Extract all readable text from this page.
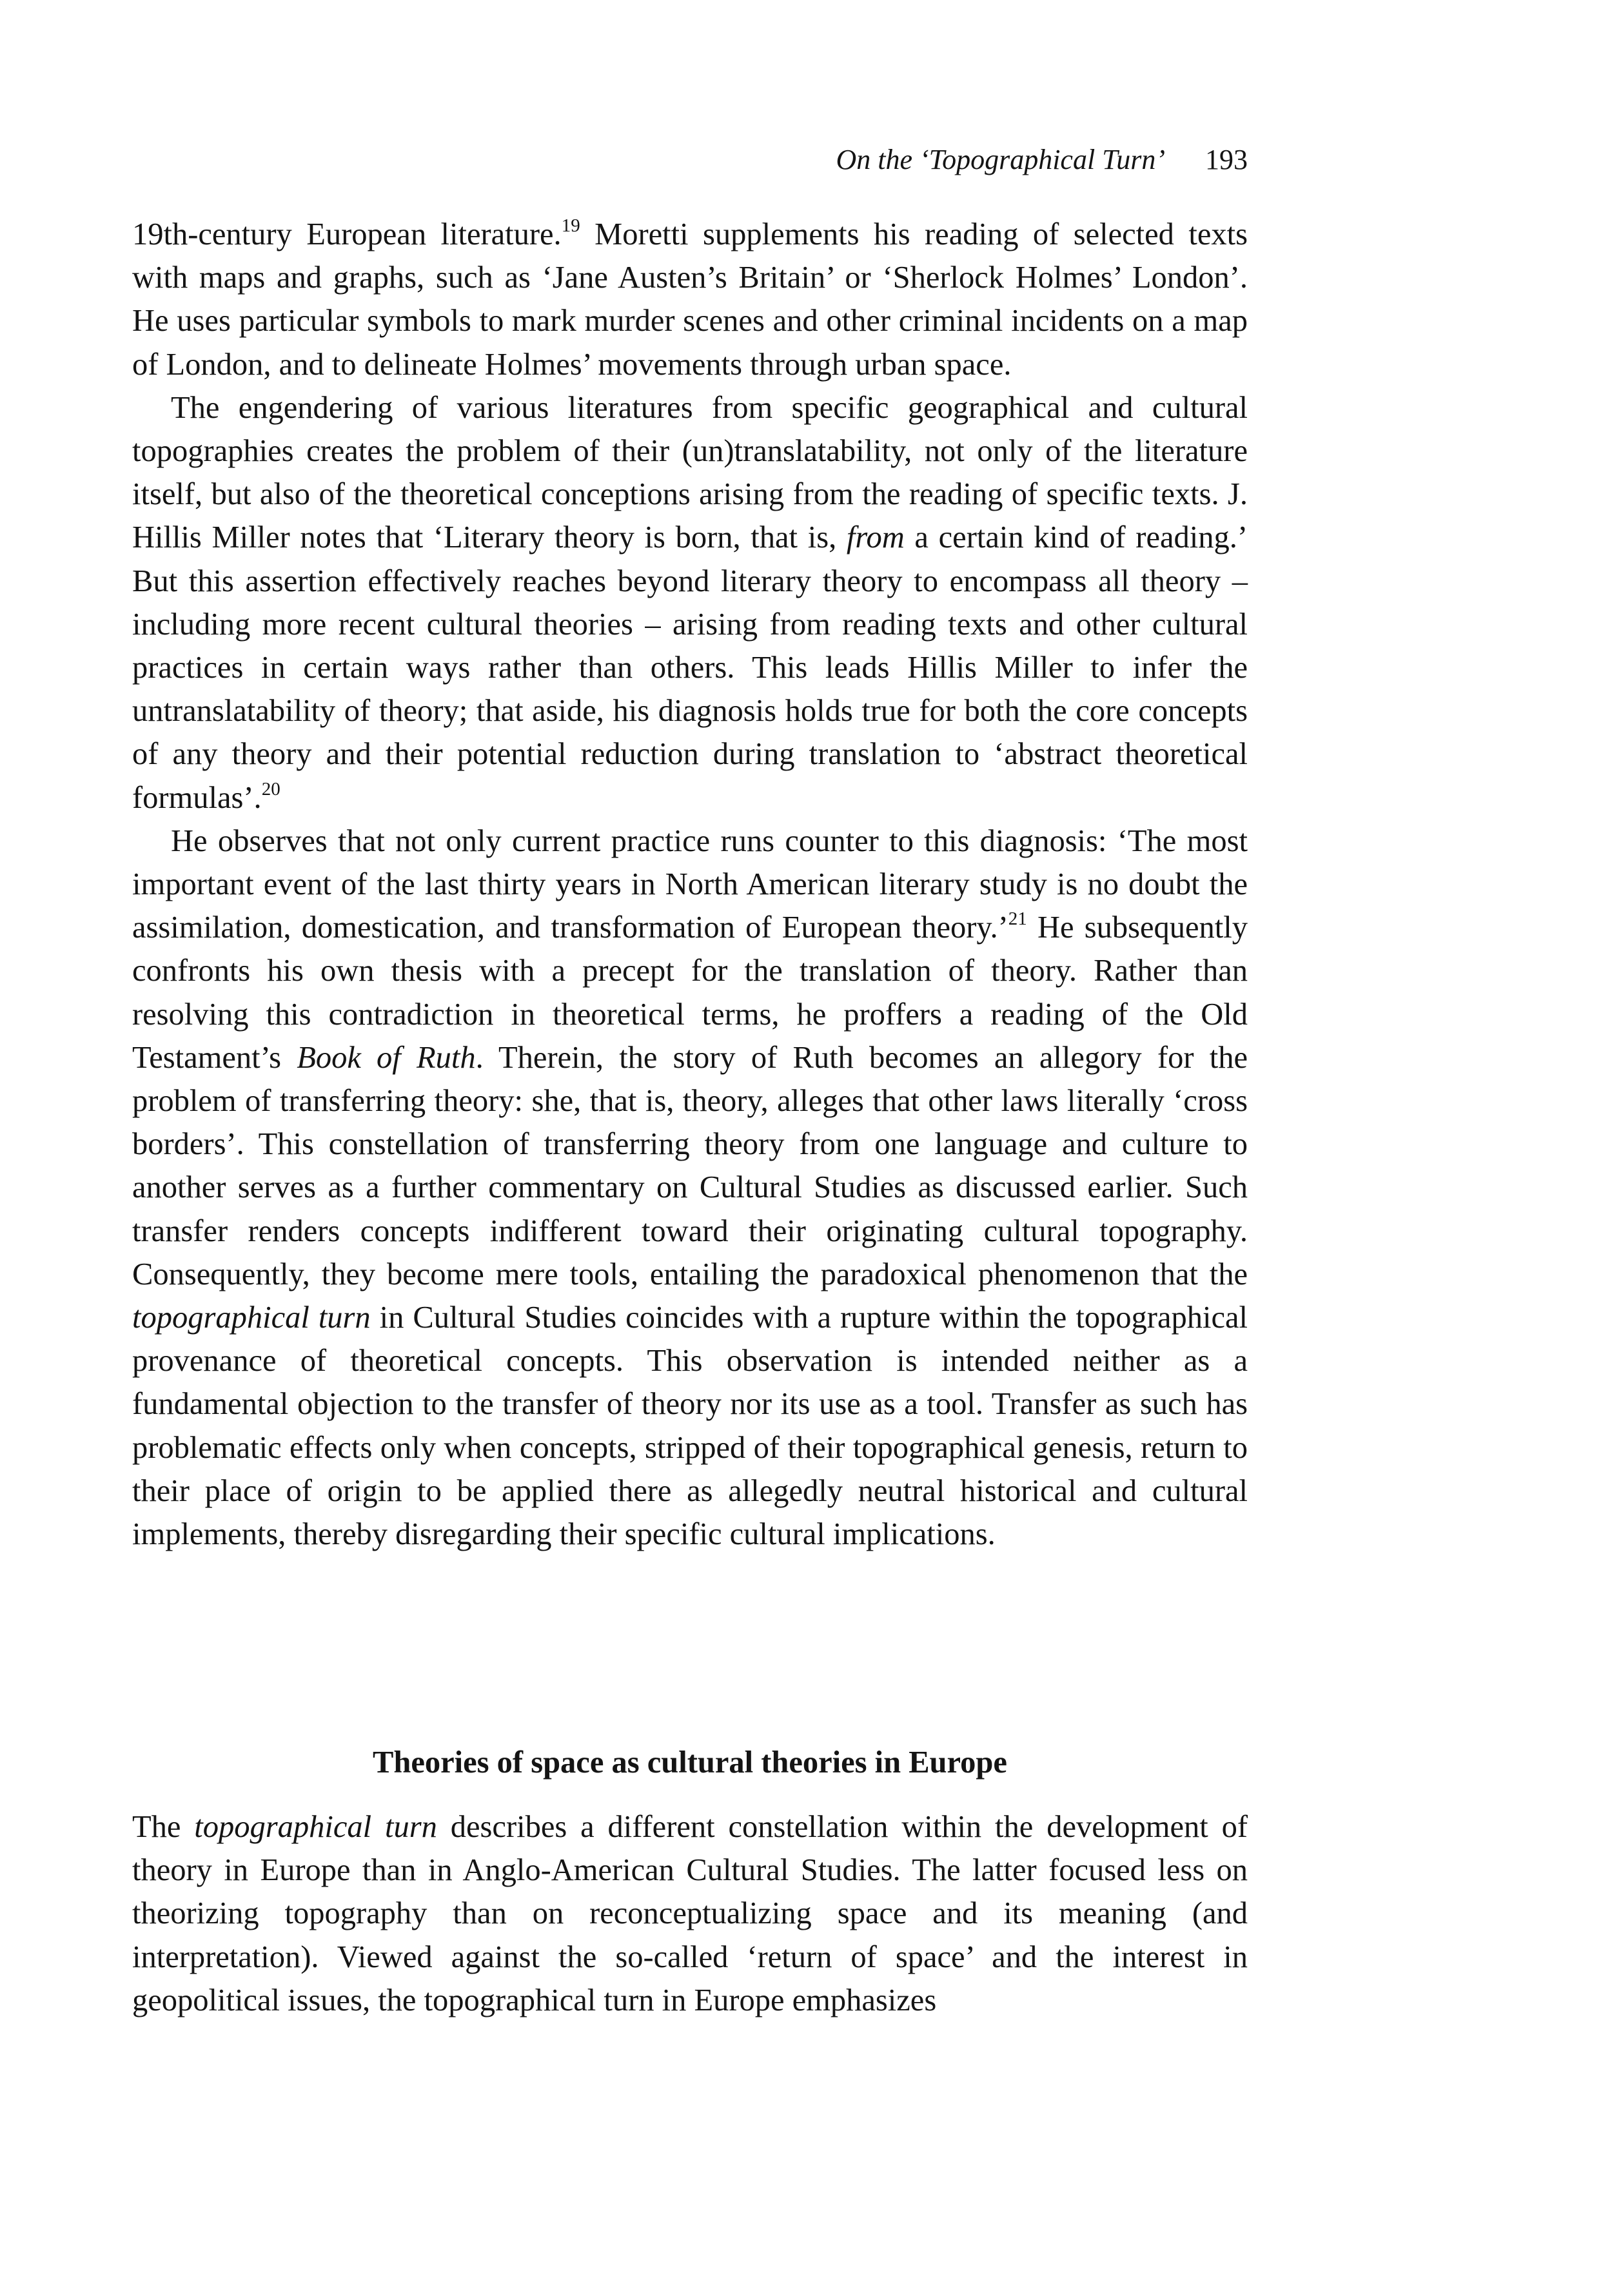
On the ‘Topographical Turn’ 193

19th-century European literature.$^{19}$ Moretti supplements his reading of selected texts with maps and graphs, such as ‘Jane Austen’s Britain’ or ‘Sherlock Holmes’ London’. He uses particular symbols to mark murder scenes and other criminal incidents on a map of London, and to delineate Holmes’ movements through urban space.

The engendering of various literatures from specific geographical and cultural topographies creates the problem of their (un)translatability, not only of the literature itself, but also of the theoretical conceptions arising from the reading of specific texts. J. Hillis Miller notes that ‘Literary theory is born, that is, from a certain kind of reading.’ But this assertion effectively reaches beyond literary theory to encompass all theory – including more recent cultural theories – arising from reading texts and other cultural practices in certain ways rather than others. This leads Hillis Miller to infer the untranslatability of theory; that aside, his diagnosis holds true for both the core concepts of any theory and their potential reduction during translation to ‘abstract theoretical formulas’.$^{20}$

He observes that not only current practice runs counter to this diagnosis: ‘The most important event of the last thirty years in North American literary study is no doubt the assimilation, domestication, and transformation of European theory.’$^{21}$ He subsequently confronts his own thesis with a precept for the translation of theory. Rather than resolving this contradiction in theoretical terms, he proffers a reading of the Old Testament’s Book of Ruth. Therein, the story of Ruth becomes an allegory for the problem of transferring theory: she, that is, theory, alleges that other laws literally ‘cross borders’. This constellation of transferring theory from one language and culture to another serves as a further commentary on Cultural Studies as discussed earlier. Such transfer renders concepts indifferent toward their originating cultural topography. Consequently, they become mere tools, entailing the paradoxical phenomenon that the topographical turn in Cultural Studies coincides with a rupture within the topographical provenance of theoretical concepts. This observation is intended neither as a fundamental objection to the transfer of theory nor its use as a tool. Transfer as such has problematic effects only when concepts, stripped of their topographical genesis, return to their place of origin to be applied there as allegedly neutral historical and cultural implements, thereby disregarding their specific cultural implications.

Theories of space as cultural theories in Europe

The topographical turn describes a different constellation within the development of theory in Europe than in Anglo-American Cultural Studies. The latter focused less on theorizing topography than on reconceptualizing space and its meaning (and interpretation). Viewed against the so-called ‘return of space’ and the interest in geopolitical issues, the topographical turn in Europe emphasizes
